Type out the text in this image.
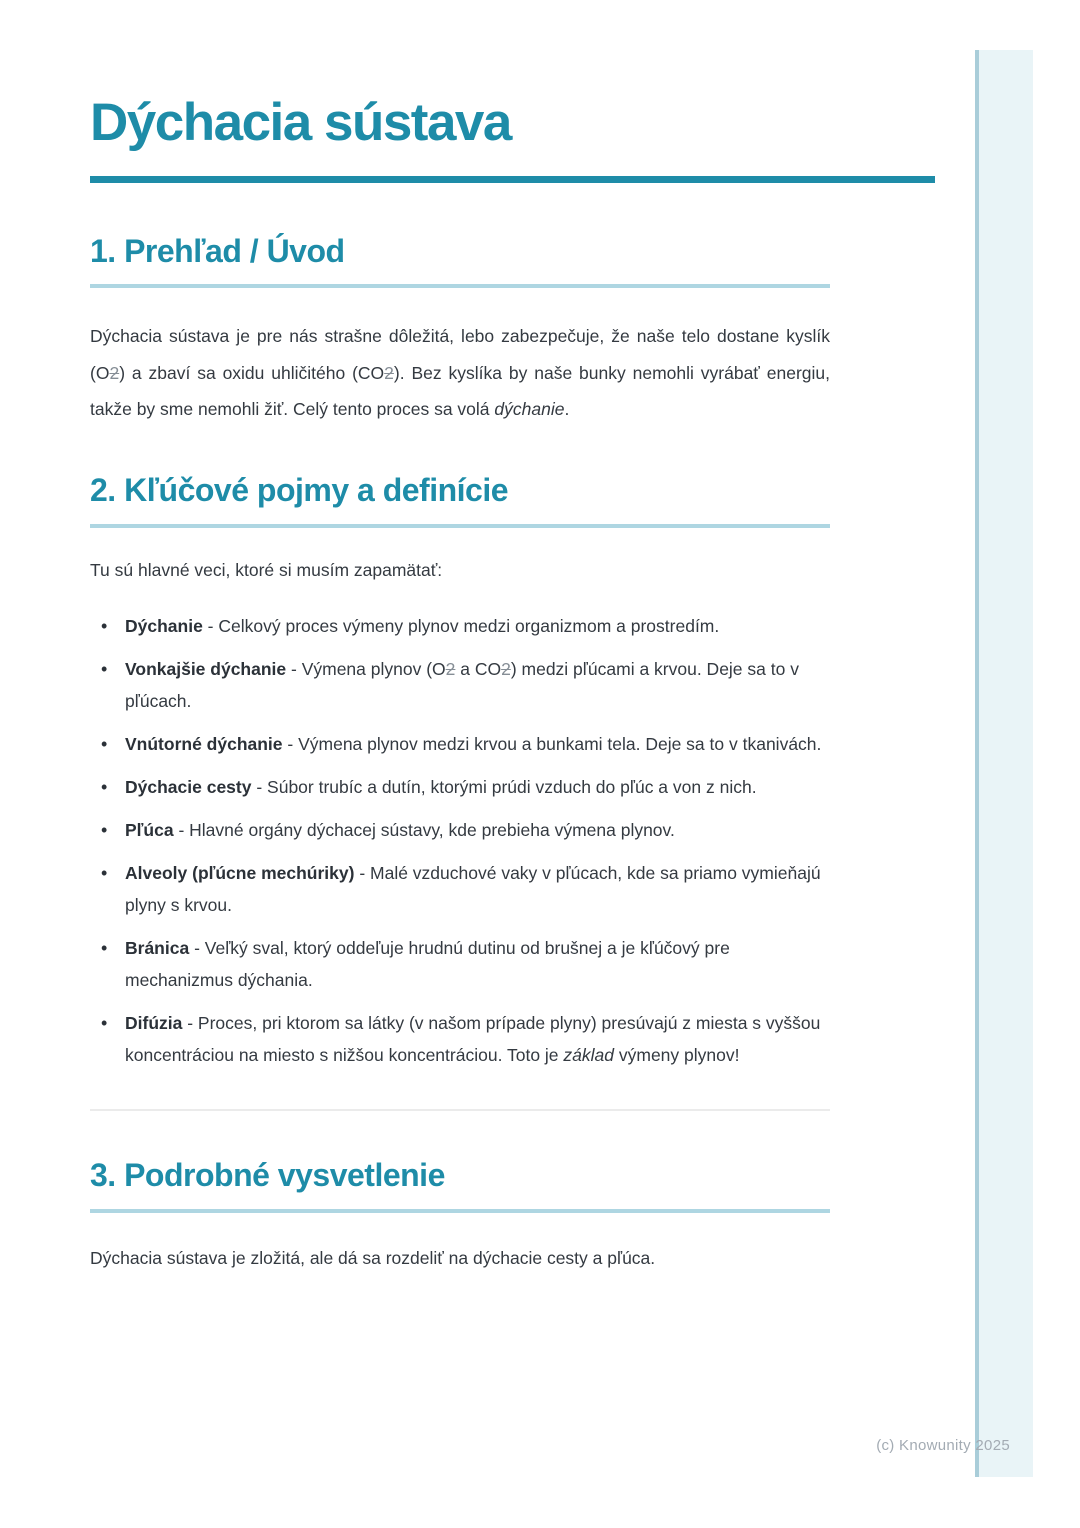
(c) Knowunity 2025
Dýchacia sústava
1. Prehľad / Úvod

Dýchacia sústava je pre nás strašne dôležitá, lebo zabezpečuje, že naše telo dostane kyslík (O2) a zbaví sa oxidu uhličitého (CO2). Bez kyslíka by naše bunky nemohli vyrábať energiu, takže by sme nemohli žiť. Celý tento proces sa volá dýchanie.

2. Kľúčové pojmy a definície

Tu sú hlavné veci, ktoré si musím zapamätať:

• Dýchanie - Celkový proces výmeny plynov medzi organizmom a prostredím.
• Vonkajšie dýchanie - Výmena plynov (O2 a CO2) medzi pľúcami a krvou. Deje sa to v pľúcach.
• Vnútorné dýchanie - Výmena plynov medzi krvou a bunkami tela. Deje sa to v tkanivách.
• Dýchacie cesty - Súbor trubíc a dutín, ktorými prúdi vzduch do pľúc a von z nich.
• Pľúca - Hlavné orgány dýchacej sústavy, kde prebieha výmena plynov.
• Alveoly (pľúcne mechúriky) - Malé vzduchové vaky v pľúcach, kde sa priamo vymieňajú plyny s krvou.
• Bránica - Veľký sval, ktorý oddeľuje hrudnú dutinu od brušnej a je kľúčový pre mechanizmus dýchania.
• Difúzia - Proces, pri ktorom sa látky (v našom prípade plyny) presúvajú z miesta s vyššou koncentráciou na miesto s nižšou koncentráciou. Toto je základ výmeny plynov!
3. Podrobné vysvetlenie

Dýchacia sústava je zložitá, ale dá sa rozdeliť na dýchacie cesty a pľúca.
